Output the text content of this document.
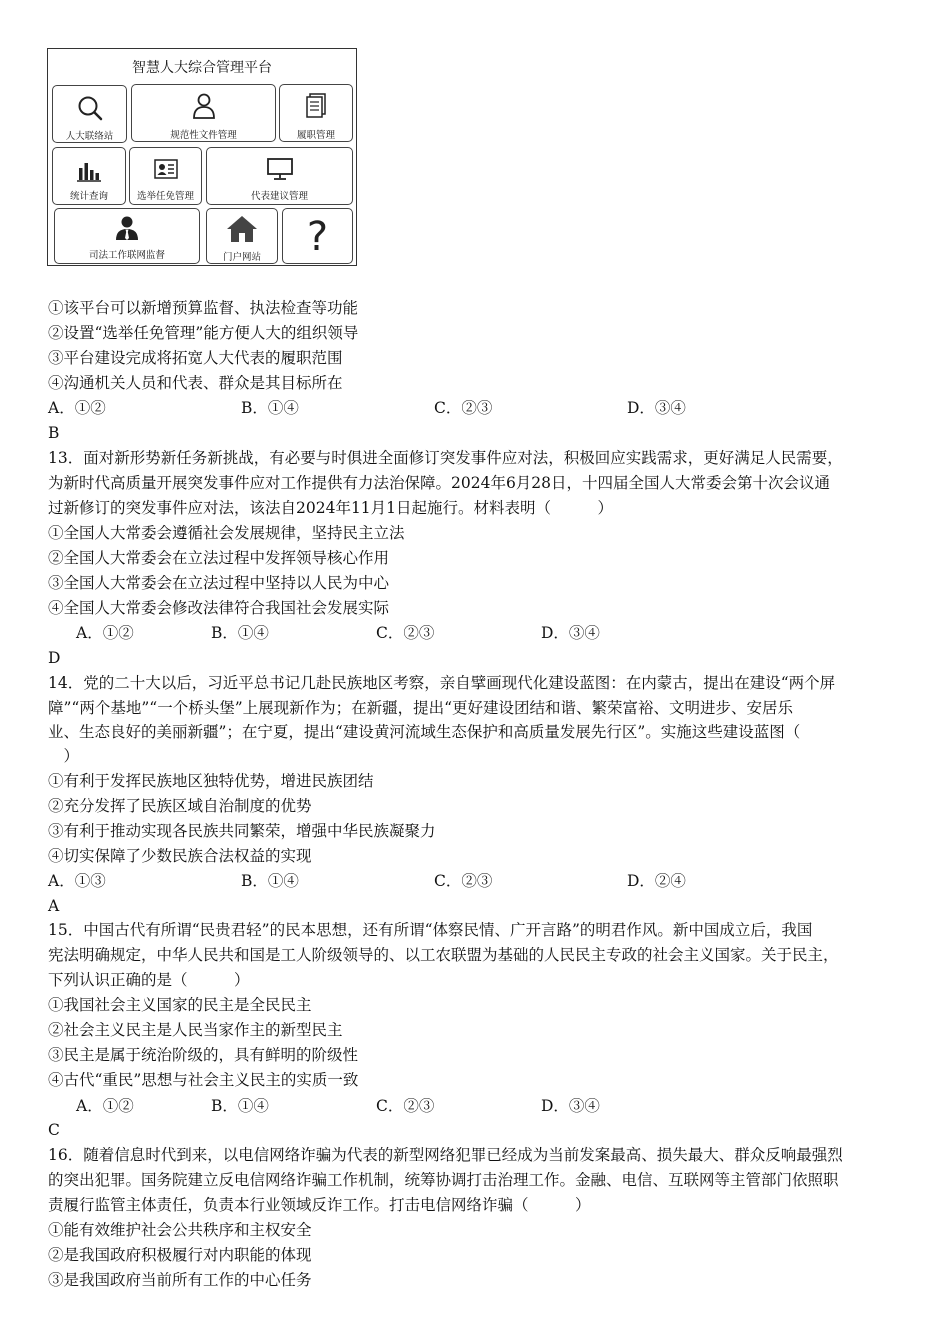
智慧人大综合管理平台
人大联络站	规范性文件管理	履职管理
统计查询	选举任免管理	代表建议管理
司法工作联网监督	门户网站	?
①该平台可以新增预算监督、执法检查等功能
②设置“选举任免管理”能方便人大的组织领导
③平台建设完成将拓宽人大代表的履职范围
④沟通机关人员和代表、群众是其目标所在
A．①②	B．①④	C．②③	D．③④
B
13．面对新形势新任务新挑战，有必要与时俱进全面修订突发事件应对法，积极回应实践需求，更好满足人民需要，
为新时代高质量开展突发事件应对工作提供有力法治保障。2024年6月28日，十四届全国人大常委会第十次会议通
过新修订的突发事件应对法，该法自2024年11月1日起施行。材料表明（　　　）
①全国人大常委会遵循社会发展规律，坚持民主立法
②全国人大常委会在立法过程中发挥领导核心作用
③全国人大常委会在立法过程中坚持以人民为中心
④全国人大常委会修改法律符合我国社会发展实际
A．①②	B．①④	C．②③	D．③④
D
14．党的二十大以后，习近平总书记几赴民族地区考察，亲自擘画现代化建设蓝图：在内蒙古，提出在建设“两个屏
障”“两个基地”“一个桥头堡”上展现新作为；在新疆，提出“更好建设团结和谐、繁荣富裕、文明进步、安居乐
业、生态良好的美丽新疆”；在宁夏，提出“建设黄河流域生态保护和高质量发展先行区”。实施这些建设蓝图（
　）
①有利于发挥民族地区独特优势，增进民族团结
②充分发挥了民族区域自治制度的优势
③有利于推动实现各民族共同繁荣，增强中华民族凝聚力
④切实保障了少数民族合法权益的实现
A．①③	B．①④	C．②③	D．②④
A
15．中国古代有所谓“民贵君轻”的民本思想，还有所谓“体察民情、广开言路”的明君作风。新中国成立后，我国
宪法明确规定，中华人民共和国是工人阶级领导的、以工农联盟为基础的人民民主专政的社会主义国家。关于民主，
下列认识正确的是（　　　）
①我国社会主义国家的民主是全民民主
②社会主义民主是人民当家作主的新型民主
③民主是属于统治阶级的，具有鲜明的阶级性
④古代“重民”思想与社会主义民主的实质一致
A．①②	B．①④	C．②③	D．③④
C
16．随着信息时代到来，以电信网络诈骗为代表的新型网络犯罪已经成为当前发案最高、损失最大、群众反响最强烈
的突出犯罪。国务院建立反电信网络诈骗工作机制，统筹协调打击治理工作。金融、电信、互联网等主管部门依照职
责履行监管主体责任，负责本行业领域反诈工作。打击电信网络诈骗（　　　）
①能有效维护社会公共秩序和主权安全
②是我国政府积极履行对内职能的体现
③是我国政府当前所有工作的中心任务
